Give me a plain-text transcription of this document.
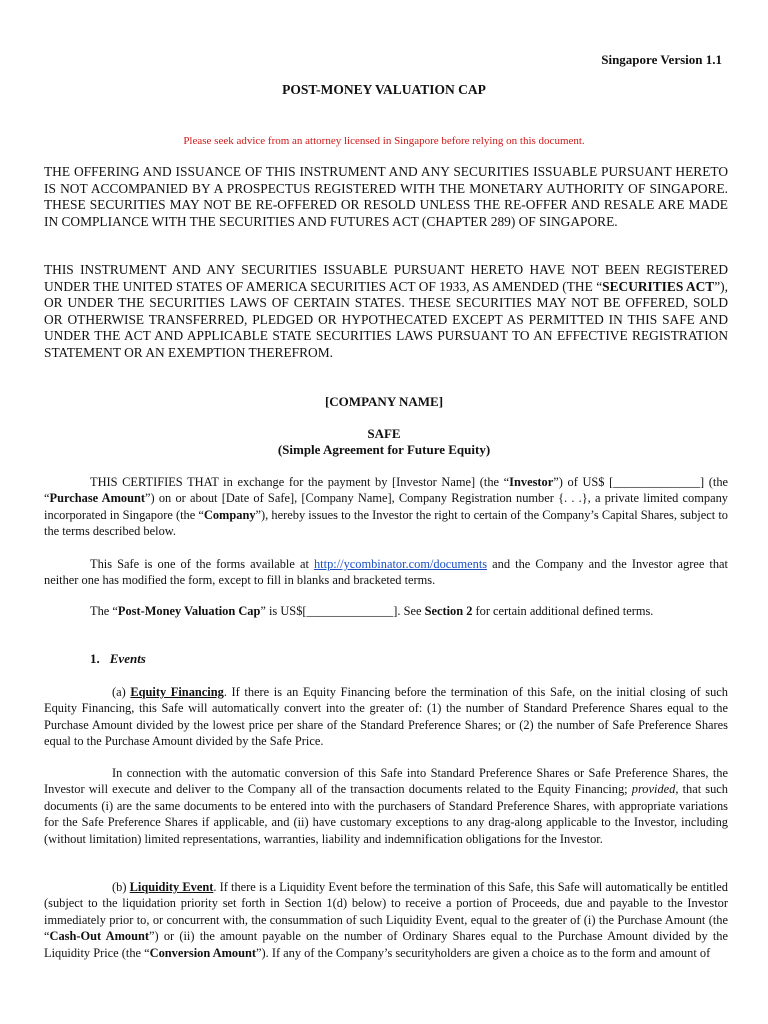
Singapore Version 1.1
POST-MONEY VALUATION CAP
Please seek advice from an attorney licensed in Singapore before relying on this document.

THE OFFERING AND ISSUANCE OF THIS INSTRUMENT AND ANY SECURITIES ISSUABLE PURSUANT HERETO IS NOT ACCOMPANIED BY A PROSPECTUS REGISTERED WITH THE MONETARY AUTHORITY OF SINGAPORE. THESE SECURITIES MAY NOT BE RE-OFFERED OR RESOLD UNLESS THE RE-OFFER AND RESALE ARE MADE IN COMPLIANCE WITH THE SECURITIES AND FUTURES ACT (CHAPTER 289) OF SINGAPORE.

THIS INSTRUMENT AND ANY SECURITIES ISSUABLE PURSUANT HERETO HAVE NOT BEEN REGISTERED UNDER THE UNITED STATES OF AMERICA SECURITIES ACT OF 1933, AS AMENDED (THE “SECURITIES ACT”), OR UNDER THE SECURITIES LAWS OF CERTAIN STATES. THESE SECURITIES MAY NOT BE OFFERED, SOLD OR OTHERWISE TRANSFERRED, PLEDGED OR HYPOTHECATED EXCEPT AS PERMITTED IN THIS SAFE AND UNDER THE ACT AND APPLICABLE STATE SECURITIES LAWS PURSUANT TO AN EFFECTIVE REGISTRATION STATEMENT OR AN EXEMPTION THEREFROM.

[COMPANY NAME]
SAFE
(Simple Agreement for Future Equity)

THIS CERTIFIES THAT in exchange for the payment by [Investor Name] (the “Investor”) of US$ [______________] (the “Purchase Amount”) on or about [Date of Safe], [Company Name], Company Registration number {. . .}, a private limited company incorporated in Singapore (the “Company”), hereby issues to the Investor the right to certain of the Company’s Capital Shares, subject to the terms described below.

This Safe is one of the forms available at http://ycombinator.com/documents and the Company and the Investor agree that neither one has modified the form, except to fill in blanks and bracketed terms.

The “Post-Money Valuation Cap” is US$[______________]. See Section 2 for certain additional defined terms.

1. Events

(a) Equity Financing. If there is an Equity Financing before the termination of this Safe, on the initial closing of such Equity Financing, this Safe will automatically convert into the greater of: (1) the number of Standard Preference Shares equal to the Purchase Amount divided by the lowest price per share of the Standard Preference Shares; or (2) the number of Safe Preference Shares equal to the Purchase Amount divided by the Safe Price.

In connection with the automatic conversion of this Safe into Standard Preference Shares or Safe Preference Shares, the Investor will execute and deliver to the Company all of the transaction documents related to the Equity Financing; provided, that such documents (i) are the same documents to be entered into with the purchasers of Standard Preference Shares, with appropriate variations for the Safe Preference Shares if applicable, and (ii) have customary exceptions to any drag-along applicable to the Investor, including (without limitation) limited representations, warranties, liability and indemnification obligations for the Investor.

(b) Liquidity Event. If there is a Liquidity Event before the termination of this Safe, this Safe will automatically be entitled (subject to the liquidation priority set forth in Section 1(d) below) to receive a portion of Proceeds, due and payable to the Investor immediately prior to, or concurrent with, the consummation of such Liquidity Event, equal to the greater of (i) the Purchase Amount (the “Cash-Out Amount”) or (ii) the amount payable on the number of Ordinary Shares equal to the Purchase Amount divided by the Liquidity Price (the “Conversion Amount”). If any of the Company’s securityholders are given a choice as to the form and amount of
